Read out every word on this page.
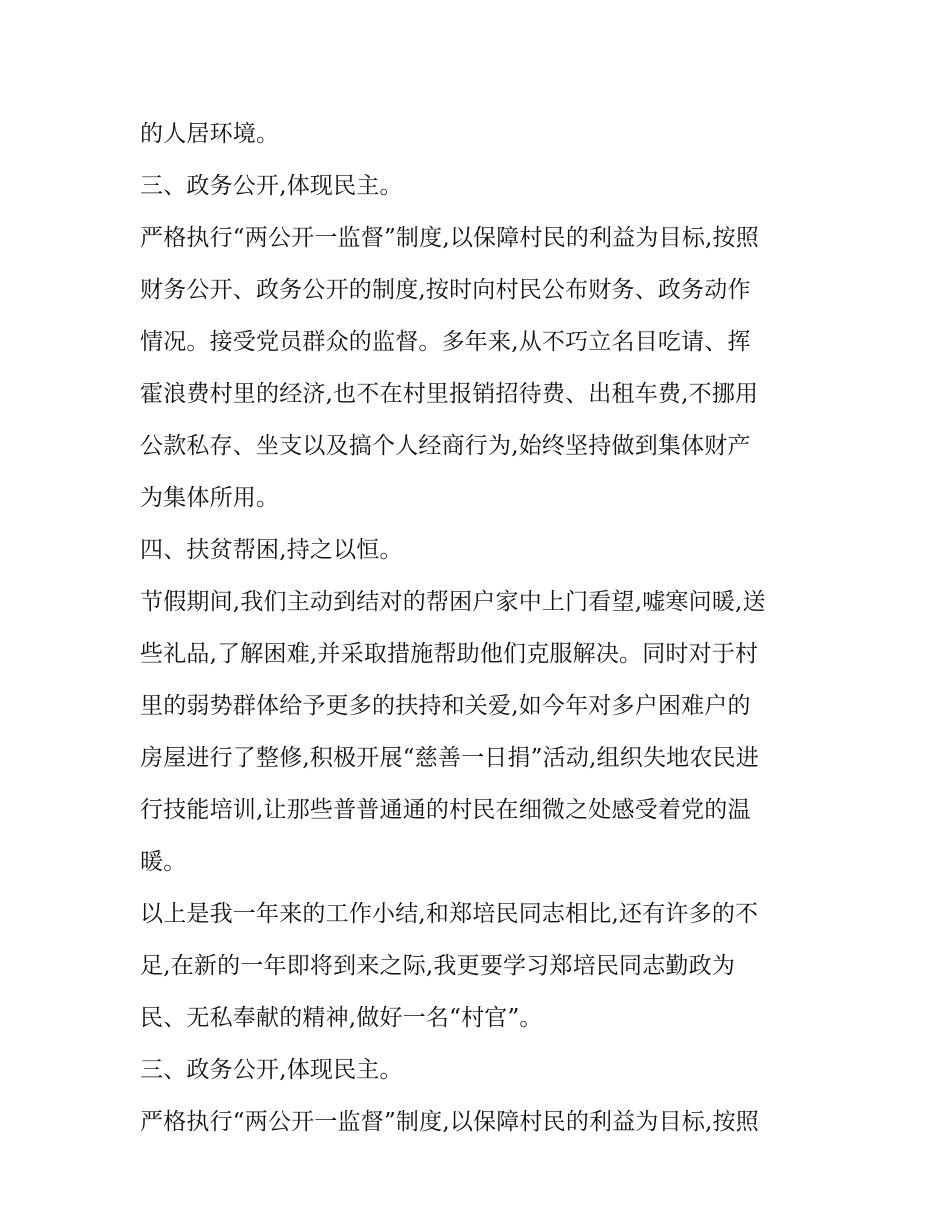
的人居环境。
三、政务公开,体现民主。
严格执行“两公开一监督”制度,以保障村民的利益为目标,按照
财务公开、政务公开的制度,按时向村民公布财务、政务动作
情况。接受党员群众的监督。多年来,从不巧立名目吃请、挥
霍浪费村里的经济,也不在村里报销招待费、出租车费,不挪用
公款私存、坐支以及搞个人经商行为,始终坚持做到集体财产
为集体所用。
四、扶贫帮困,持之以恒。
节假期间,我们主动到结对的帮困户家中上门看望,嘘寒问暖,送
些礼品,了解困难,并采取措施帮助他们克服解决。同时对于村
里的弱势群体给予更多的扶持和关爱,如今年对多户困难户的
房屋进行了整修,积极开展“慈善一日捐”活动,组织失地农民进
行技能培训,让那些普普通通的村民在细微之处感受着党的温
暖。
以上是我一年来的工作小结,和郑培民同志相比,还有许多的不
足,在新的一年即将到来之际,我更要学习郑培民同志勤政为
民、无私奉献的精神,做好一名“村官”。
三、政务公开,体现民主。
严格执行“两公开一监督”制度,以保障村民的利益为目标,按照
